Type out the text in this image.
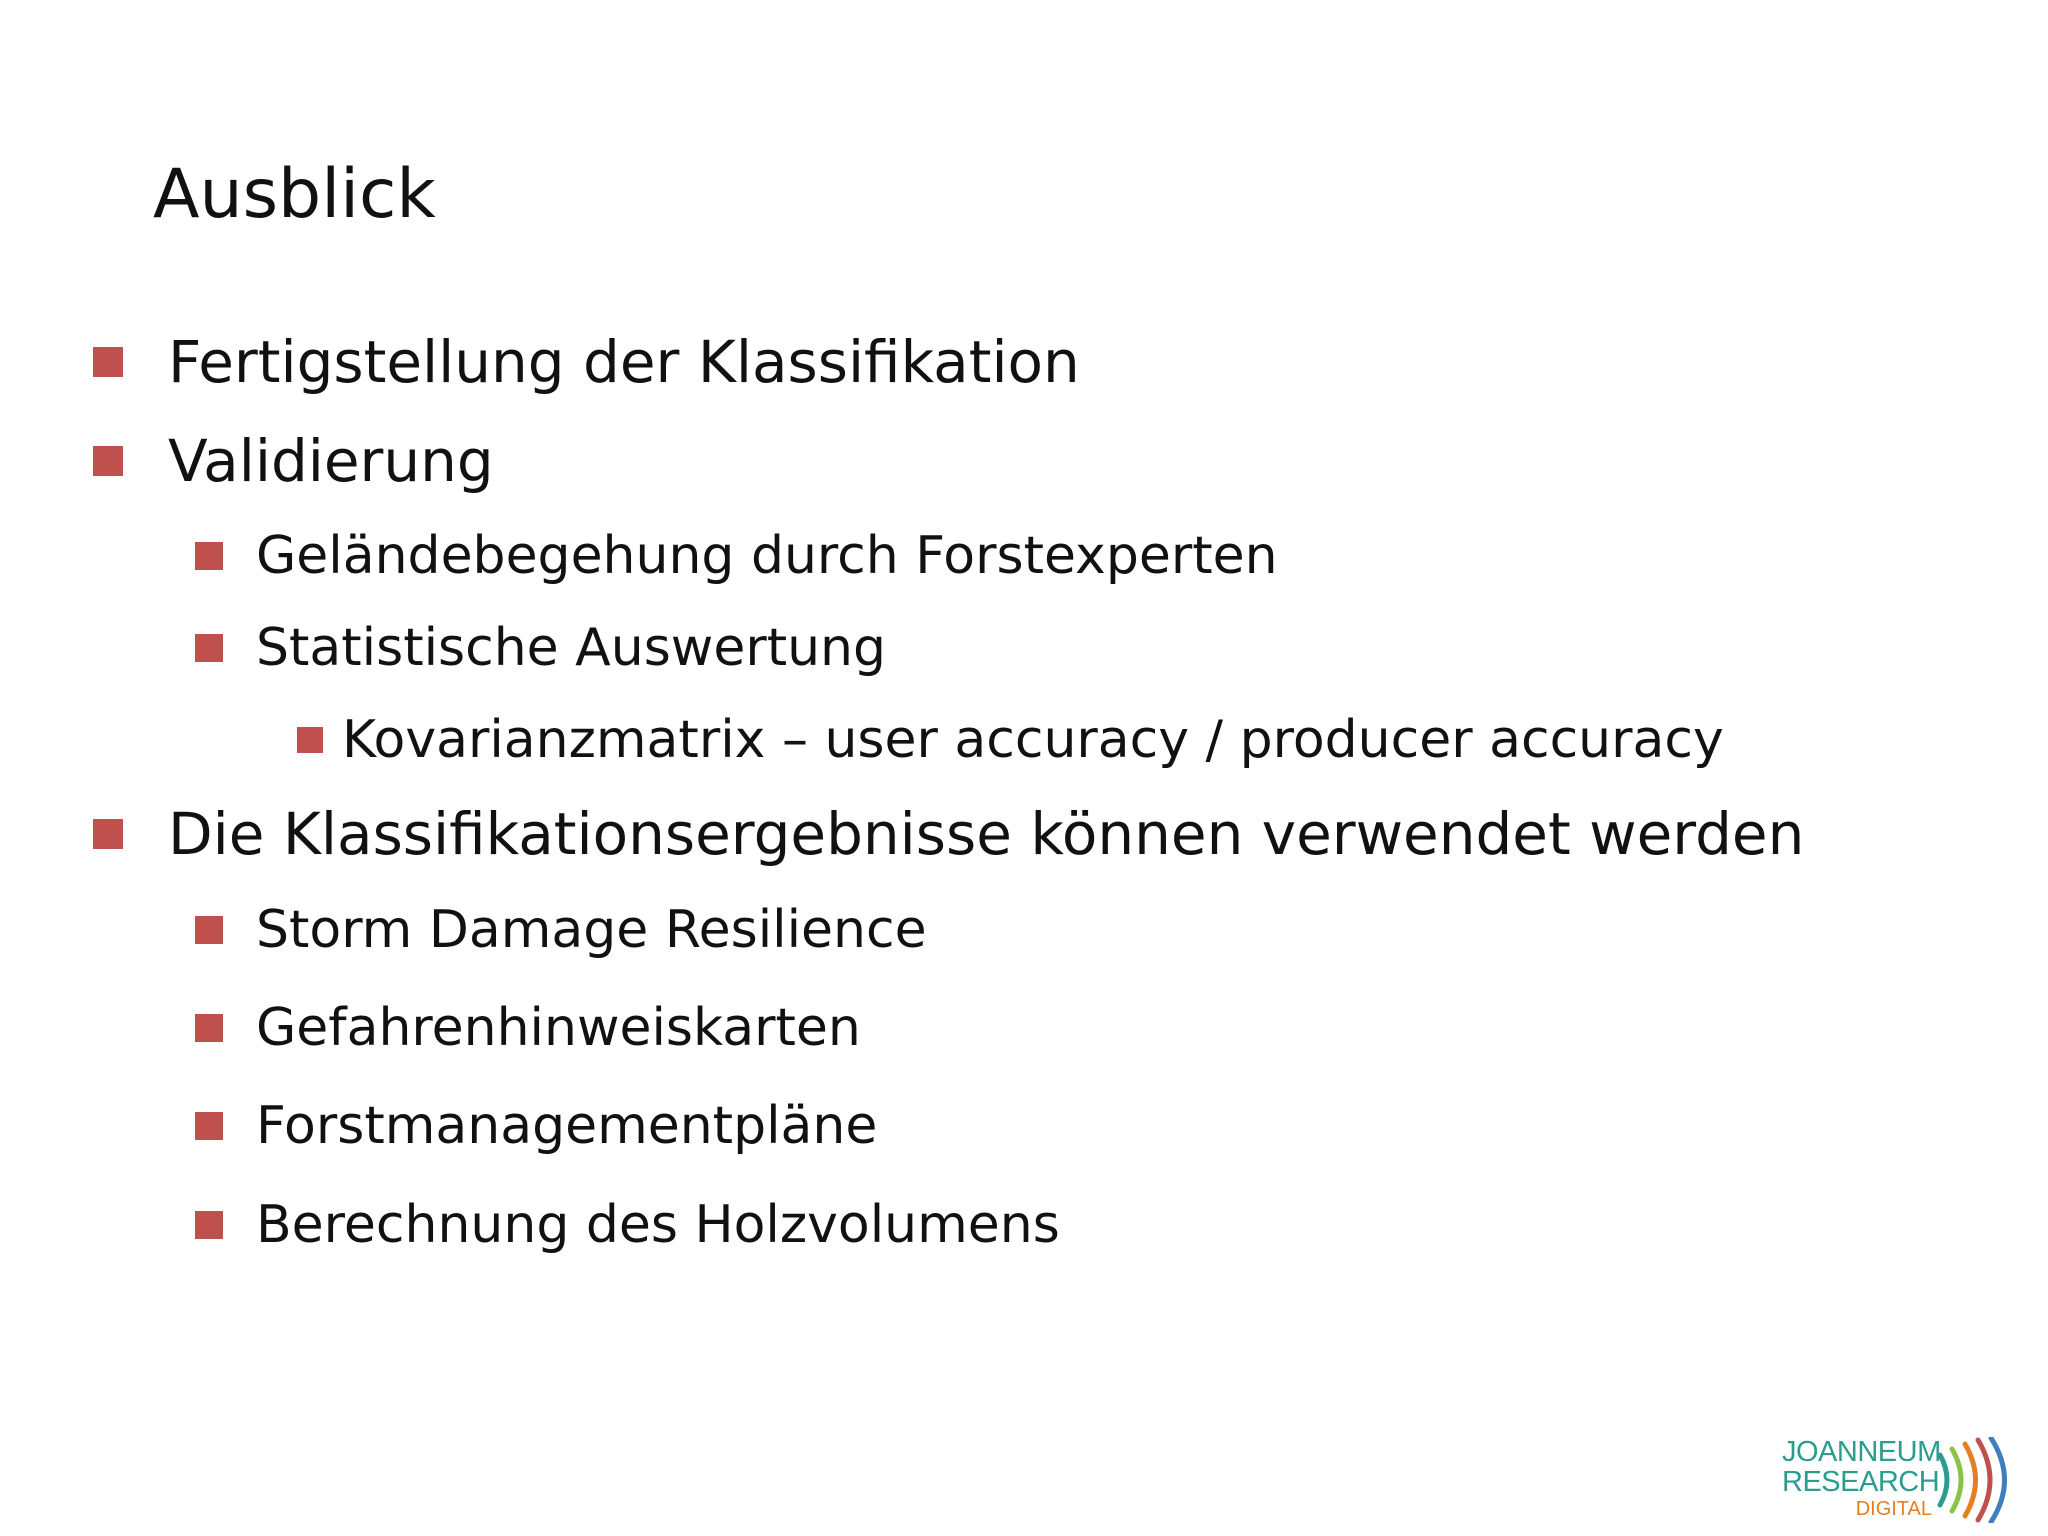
Ausblick
Fertigstellung der Klassifikation
Validierung
Geländebegehung durch Forstexperten
Statistische Auswertung
Kovarianzmatrix – user accuracy / producer accuracy
Die Klassifikationsergebnisse können verwendet werden
Storm Damage Resilience
Gefahrenhinweiskarten
Forstmanagementpläne
Berechnung des Holzvolumens
JOANNEUM
RESEARCH
DIGITAL
